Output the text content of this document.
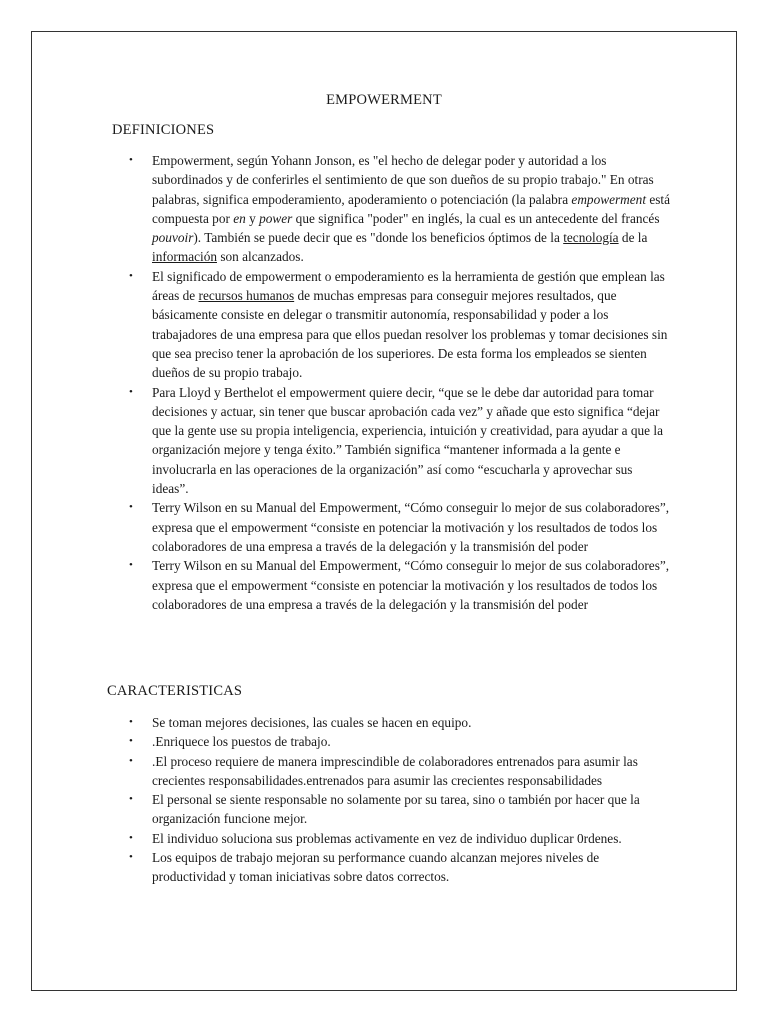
EMPOWERMENT
DEFINICIONES
• Empowerment, según Yohann Jonson, es "el hecho de delegar poder y autoridad a los subordinados y de conferirles el sentimiento de que son dueños de su propio trabajo." En otras palabras, significa empoderamiento, apoderamiento o potenciación (la palabra empowerment está compuesta por en y power que significa "poder" en inglés, la cual es un antecedente del francés pouvoir). También se puede decir que es "donde los beneficios óptimos de la tecnología de la información son alcanzados.
• El significado de empowerment o empoderamiento es la herramienta de gestión que emplean las áreas de recursos humanos de muchas empresas para conseguir mejores resultados, que básicamente consiste en delegar o transmitir autonomía, responsabilidad y poder a los trabajadores de una empresa para que ellos puedan resolver los problemas y tomar decisiones sin que sea preciso tener la aprobación de los superiores. De esta forma los empleados se sienten dueños de su propio trabajo.
• Para Lloyd y Berthelot el empowerment quiere decir, “que se le debe dar autoridad para tomar decisiones y actuar, sin tener que buscar aprobación cada vez” y añade que esto significa “dejar que la gente use su propia inteligencia, experiencia, intuición y creatividad, para ayudar a que la organización mejore y tenga éxito.” También significa “mantener informada a la gente e involucrarla en las operaciones de la organización” así como “escucharla y aprovechar sus ideas”.
• Terry Wilson en su Manual del Empowerment, “Cómo conseguir lo mejor de sus colaboradores”, expresa que el empowerment “consiste en potenciar la motivación y los resultados de todos los colaboradores de una empresa a través de la delegación y la transmisión del poder
• Terry Wilson en su Manual del Empowerment, “Cómo conseguir lo mejor de sus colaboradores”, expresa que el empowerment “consiste en potenciar la motivación y los resultados de todos los colaboradores de una empresa a través de la delegación y la transmisión del poder
CARACTERISTICAS
• Se toman mejores decisiones, las cuales se hacen en equipo.
• .Enriquece los puestos de trabajo.
• .El proceso requiere de manera imprescindible de colaboradores entrenados para asumir las crecientes responsabilidades.entrenados para asumir las crecientes responsabilidades
• El personal se siente responsable no solamente por su tarea, sino o también por hacer que la organización funcione mejor.
• El individuo soluciona sus problemas activamente en vez de individuo duplicar 0rdenes.
• Los equipos de trabajo mejoran su performance cuando alcanzan mejores niveles de productividad y toman iniciativas sobre datos correctos.
